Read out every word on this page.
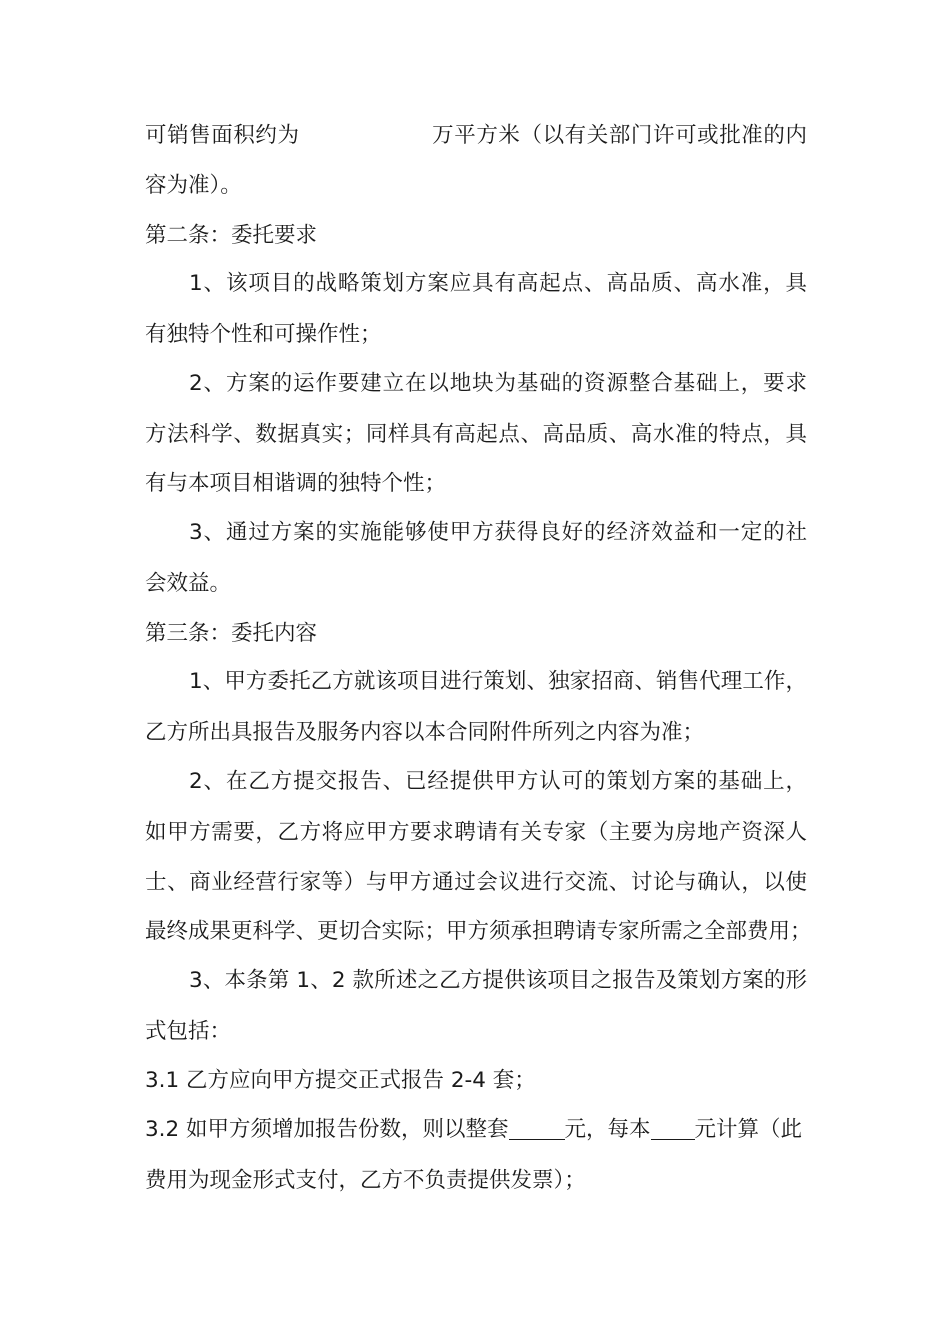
可销售面积约为	万平方米（以有关部门许可或批准的内
容为准）。
第二条：委托要求
1、该项目的战略策划方案应具有高起点、高品质、高水准，具
有独特个性和可操作性；
2、方案的运作要建立在以地块为基础的资源整合基础上，要求
方法科学、数据真实；同样具有高起点、高品质、高水准的特点，具
有与本项目相谐调的独特个性；
3、通过方案的实施能够使甲方获得良好的经济效益和一定的社
会效益。
第三条：委托内容
1、甲方委托乙方就该项目进行策划、独家招商、销售代理工作，
乙方所出具报告及服务内容以本合同附件所列之内容为准；
2、在乙方提交报告、已经提供甲方认可的策划方案的基础上，
如甲方需要，乙方将应甲方要求聘请有关专家（主要为房地产资深人
士、商业经营行家等）与甲方通过会议进行交流、讨论与确认，以使
最终成果更科学、更切合实际；甲方须承担聘请专家所需之全部费用；
3、本条第 1、2 款所述之乙方提供该项目之报告及策划方案的形
式包括：
3.1 乙方应向甲方提交正式报告 2-4 套；
3.2 如甲方须增加报告份数，则以整套	元，每本 元计算（此
费用为现金形式支付，乙方不负责提供发票）；
